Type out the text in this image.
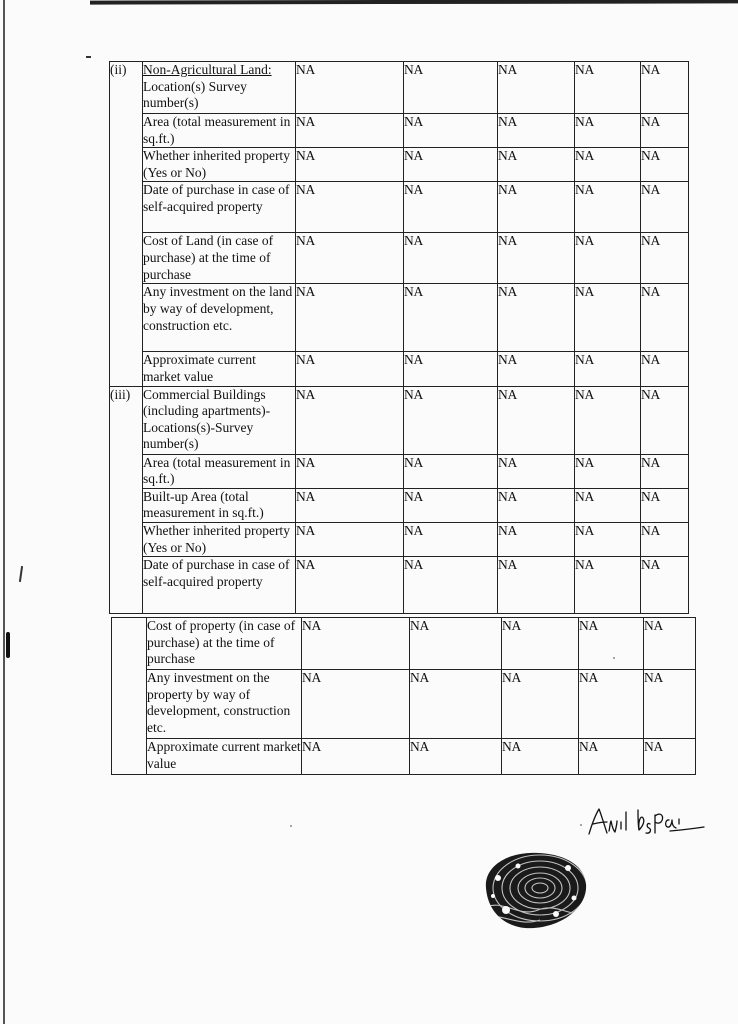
(ii)	Non-Agricultural Land: Location(s) Survey number(s)	NA	NA	NA	NA	NA
	Area (total measurement in sq.ft.)	NA	NA	NA	NA	NA
	Whether inherited property (Yes or No)	NA	NA	NA	NA	NA
	Date of purchase in case of self-acquired property	NA	NA	NA	NA	NA
	Cost of Land (in case of purchase) at the time of purchase	NA	NA	NA	NA	NA
	Any investment on the land by way of development, construction etc.	NA	NA	NA	NA	NA
	Approximate current market value	NA	NA	NA	NA	NA
(iii)	Commercial Buildings (including apartments)- Locations(s)-Survey number(s)	NA	NA	NA	NA	NA
	Area (total measurement in sq.ft.)	NA	NA	NA	NA	NA
	Built-up Area (total measurement in sq.ft.)	NA	NA	NA	NA	NA
	Whether inherited property (Yes or No)	NA	NA	NA	NA	NA
	Date of purchase in case of self-acquired property	NA	NA	NA	NA	NA
	Cost of property (in case of purchase) at the time of purchase	NA	NA	NA	NA	NA
	Any investment on the property by way of development, construction etc.	NA	NA	NA	NA	NA
	Approximate current market value	NA	NA	NA	NA	NA
